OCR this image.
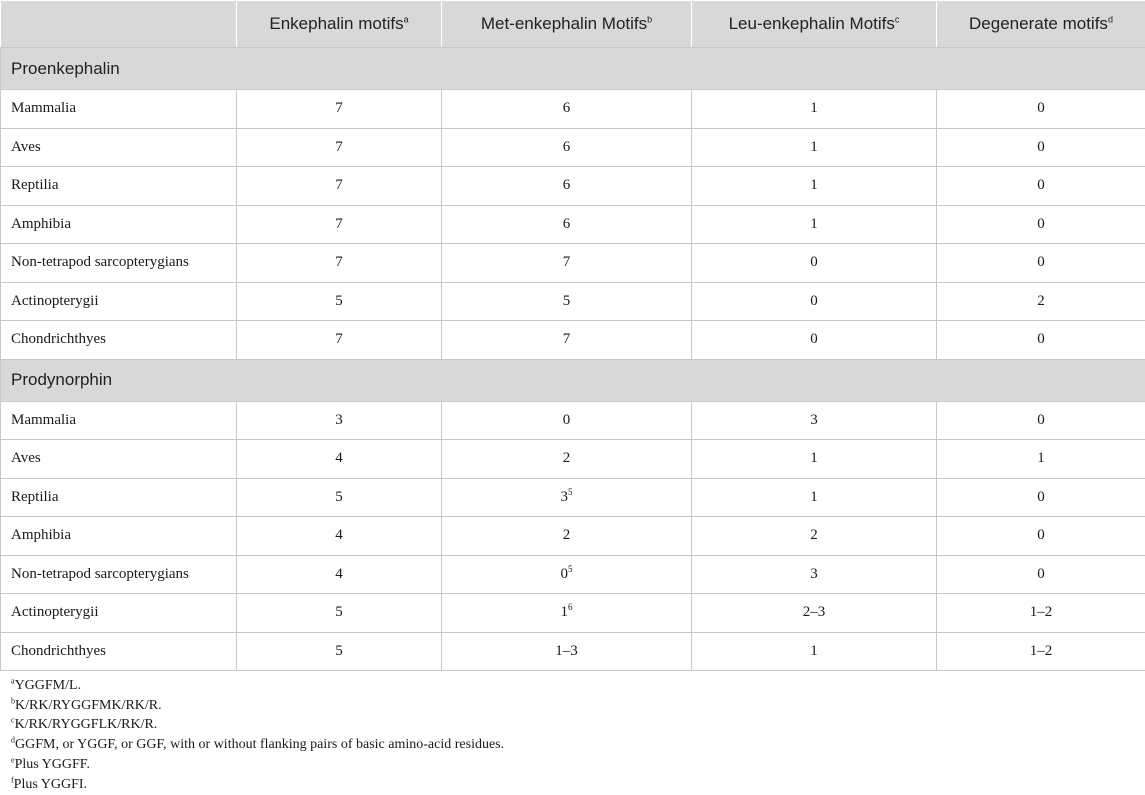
	Enkephalin motifs$^a$	Met-enkephalin Motifs$^b$	Leu-enkephalin Motifs$^c$	Degenerate motifs$^d$
Proenkephalin				
Mammalia	7	6	1	0
Aves	7	6	1	0
Reptilia	7	6	1	0
Amphibia	7	6	1	0
Non-tetrapod sarcopterygians	7	7	0	0
Actinopterygii	5	5	0	2
Chondrichthyes	7	7	0	0
Prodynorphin				
Mammalia	3	0	3	0
Aves	4	2	1	1
Reptilia	5	$3^5$	1	0
Amphibia	4	2	2	0
Non-tetrapod sarcopterygians	4	$0^5$	3	0
Actinopterygii	5	$1^6$	2–3	1–2
Chondrichthyes	5	1–3	1	1–2
$^a$YGGFM/L.
$^b$K/RK/RYGGFMK/RK/R.
$^c$K/RK/RYGGFLK/RK/R.
$^d$GGFM, or YGGF, or GGF, with or without flanking pairs of basic amino-acid residues.
$^e$Plus YGGFF.
$^f$Plus YGGFI.
